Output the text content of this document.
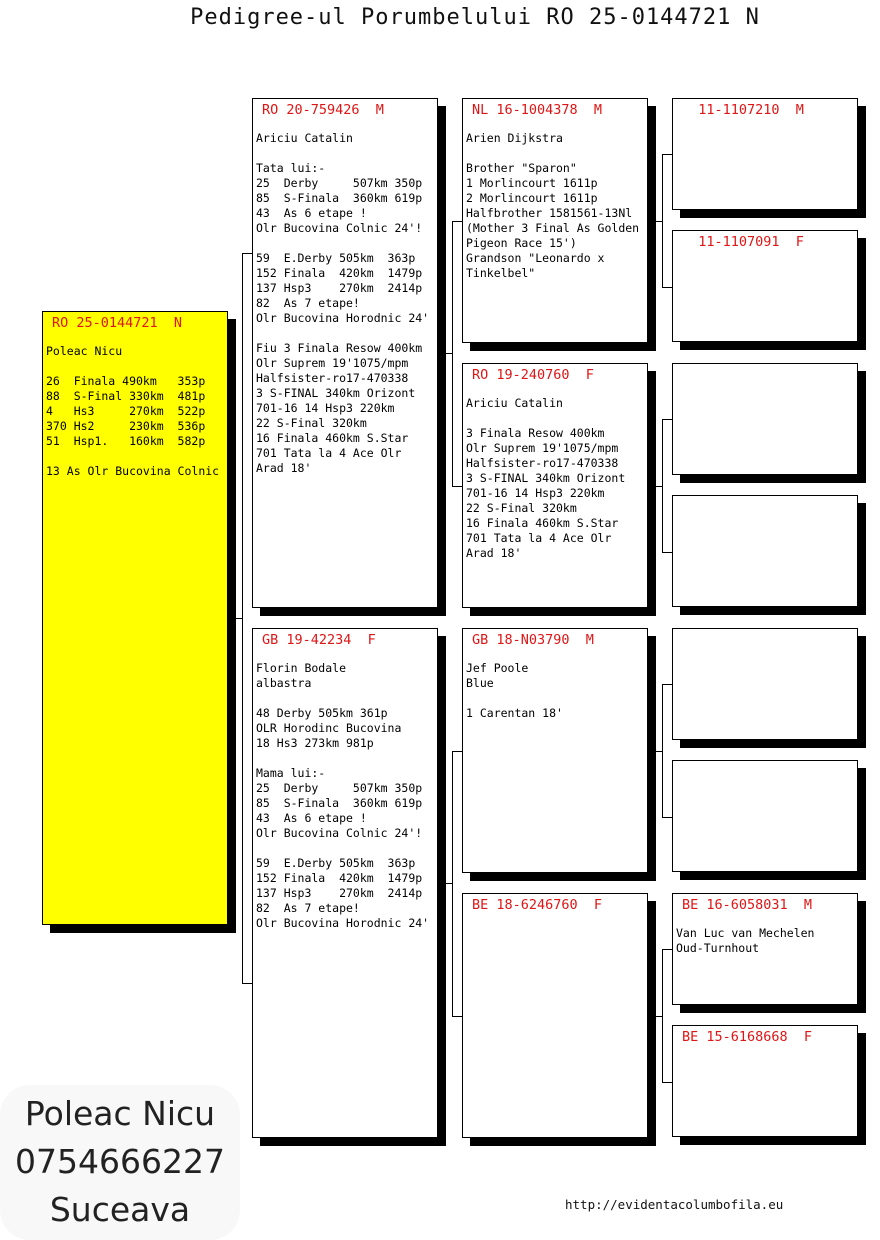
Pedigree-ul Porumbelului RO 25-0144721 N
RO 25-0144721  N
Poleac Nicu

26  Finala 490km   353p
88  S-Final 330km  481p
4   Hs3     270km  522p
370 Hs2     230km  536p
51  Hsp1.   160km  582p

13 As Olr Bucovina Colnic
RO 20-759426  M
Ariciu Catalin

Tata lui:-
25  Derby     507km 350p
85  S-Finala  360km 619p
43  As 6 etape !
Olr Bucovina Colnic 24'!

59  E.Derby 505km  363p
152 Finala  420km  1479p
137 Hsp3    270km  2414p
82  As 7 etape!
Olr Bucovina Horodnic 24'

Fiu 3 Finala Resow 400km
Olr Suprem 19'1075/mpm
Halfsister-ro17-470338
3 S-FINAL 340km Orizont
701-16 14 Hsp3 220km
22 S-Final 320km
16 Finala 460km S.Star
701 Tata la 4 Ace Olr
Arad 18'
GB 19-42234  F
Florin Bodale
albastra

48 Derby 505km 361p
OLR Horodinc Bucovina
18 Hs3 273km 981p

Mama lui:-
25  Derby     507km 350p
85  S-Finala  360km 619p
43  As 6 etape !
Olr Bucovina Colnic 24'!

59  E.Derby 505km  363p
152 Finala  420km  1479p
137 Hsp3    270km  2414p
82  As 7 etape!
Olr Bucovina Horodnic 24'
NL 16-1004378  M
Arien Dijkstra

Brother "Sparon"
1 Morlincourt 1611p
2 Morlincourt 1611p
Halfbrother 1581561-13Nl
(Mother 3 Final As Golden
Pigeon Race 15')
Grandson "Leonardo x
Tinkelbel"
RO 19-240760  F
Ariciu Catalin

3 Finala Resow 400km
Olr Suprem 19'1075/mpm
Halfsister-ro17-470338
3 S-FINAL 340km Orizont
701-16 14 Hsp3 220km
22 S-Final 320km
16 Finala 460km S.Star
701 Tata la 4 Ace Olr
Arad 18'
GB 18-N03790  M
Jef Poole
Blue

1 Carentan 18'
BE 18-6246760  F
11-1107210  M
11-1107091  F
BE 16-6058031  M
Van Luc van Mechelen
Oud-Turnhout
BE 15-6168668  F
Poleac Nicu
0754666227
Suceava	http://evidentacolumbofila.eu
